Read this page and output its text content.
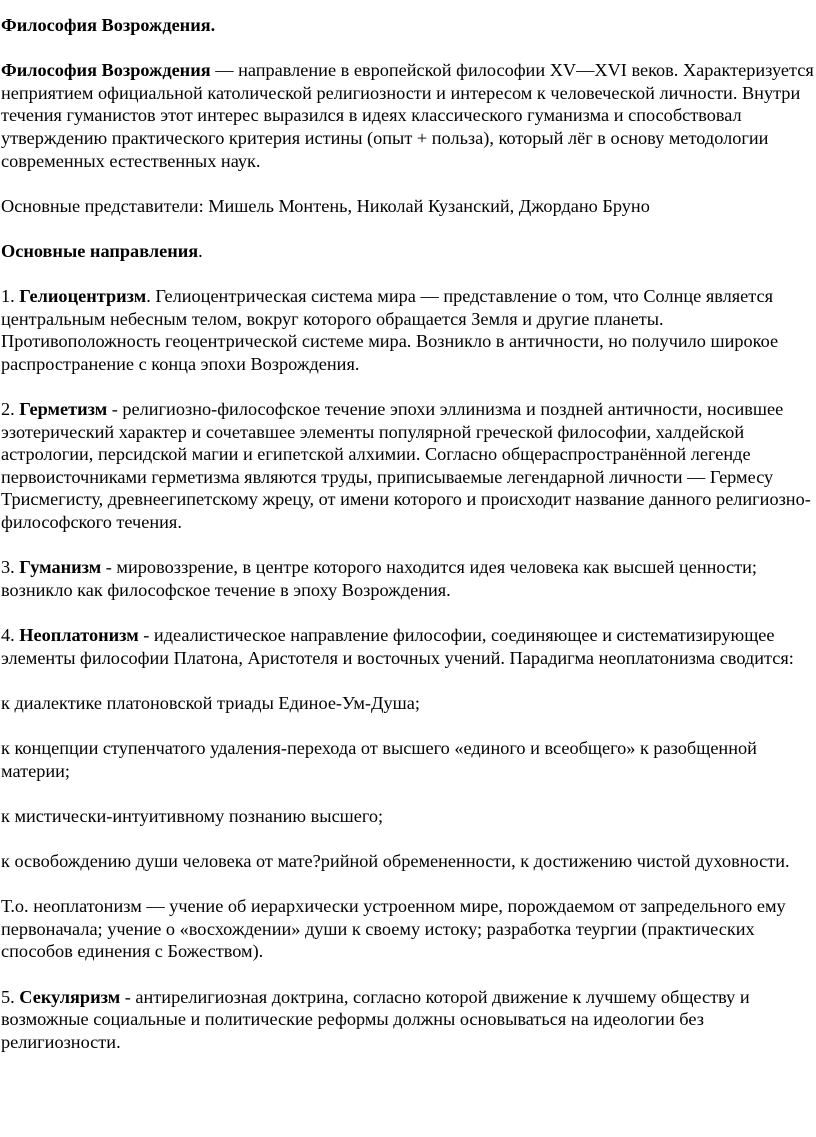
Философия Возрождения.

Философия Возрождения — направление в европейской философии XV—XVI веков. Характеризуется неприятием официальной католической религиозности и интересом к человеческой личности. Внутри течения гуманистов этот интерес выразился в идеях классического гуманизма и способствовал утверждению практического критерия истины (опыт + польза), который лёг в основу методологии современных естественных наук.

Основные представители: Мишель Монтень, Николай Кузанский, Джордано Бруно

Основные направления.

1. Гелиоцентризм. Гелиоцентрическая система мира — представление о том, что Солнце является центральным небесным телом, вокруг которого обращается Земля и другие планеты. Противоположность геоцентрической системе мира. Возникло в античности, но получило широкое распространение с конца эпохи Возрождения.

2. Герметизм - религиозно-философское течение эпохи эллинизма и поздней античности, носившее эзотерический характер и сочетавшее элементы популярной греческой философии, халдейской астрологии, персидской магии и египетской алхимии. Согласно общераспространённой легенде первоисточниками герметизма являются труды, приписываемые легендарной личности — Гермесу Трисмегисту, древнеегипетскому жрецу, от имени которого и происходит название данного религиозно-философского течения.

3. Гуманизм - мировоззрение, в центре которого находится идея человека как высшей ценности; возникло как философское течение в эпоху Возрождения.

4. Неоплатонизм - идеалистическое направление философии, соединяющее и систематизирующее элементы философии Платона, Аристотеля и восточных учений. Парадигма неоплатонизма сводится:

к диалектике платоновской триады Единое-Ум-Душа;

к концепции ступенчатого удаления-перехода от высшего «единого и всеобщего» к разобщенной материи;

к мистически-интуитивному познанию высшего;

к освобождению души человека от мате?рийной обремененности, к достижению чистой духовности.

Т.о. неоплатонизм — учение об иерархически устроенном мире, порождаемом от запредельного ему первоначала; учение о «восхождении» души к своему истоку; разработка теургии (практических способов единения с Божеством).

5. Секуляризм - антирелигиозная доктрина, согласно которой движение к лучшему обществу и возможные социальные и политические реформы должны основываться на идеологии без религиозности.
